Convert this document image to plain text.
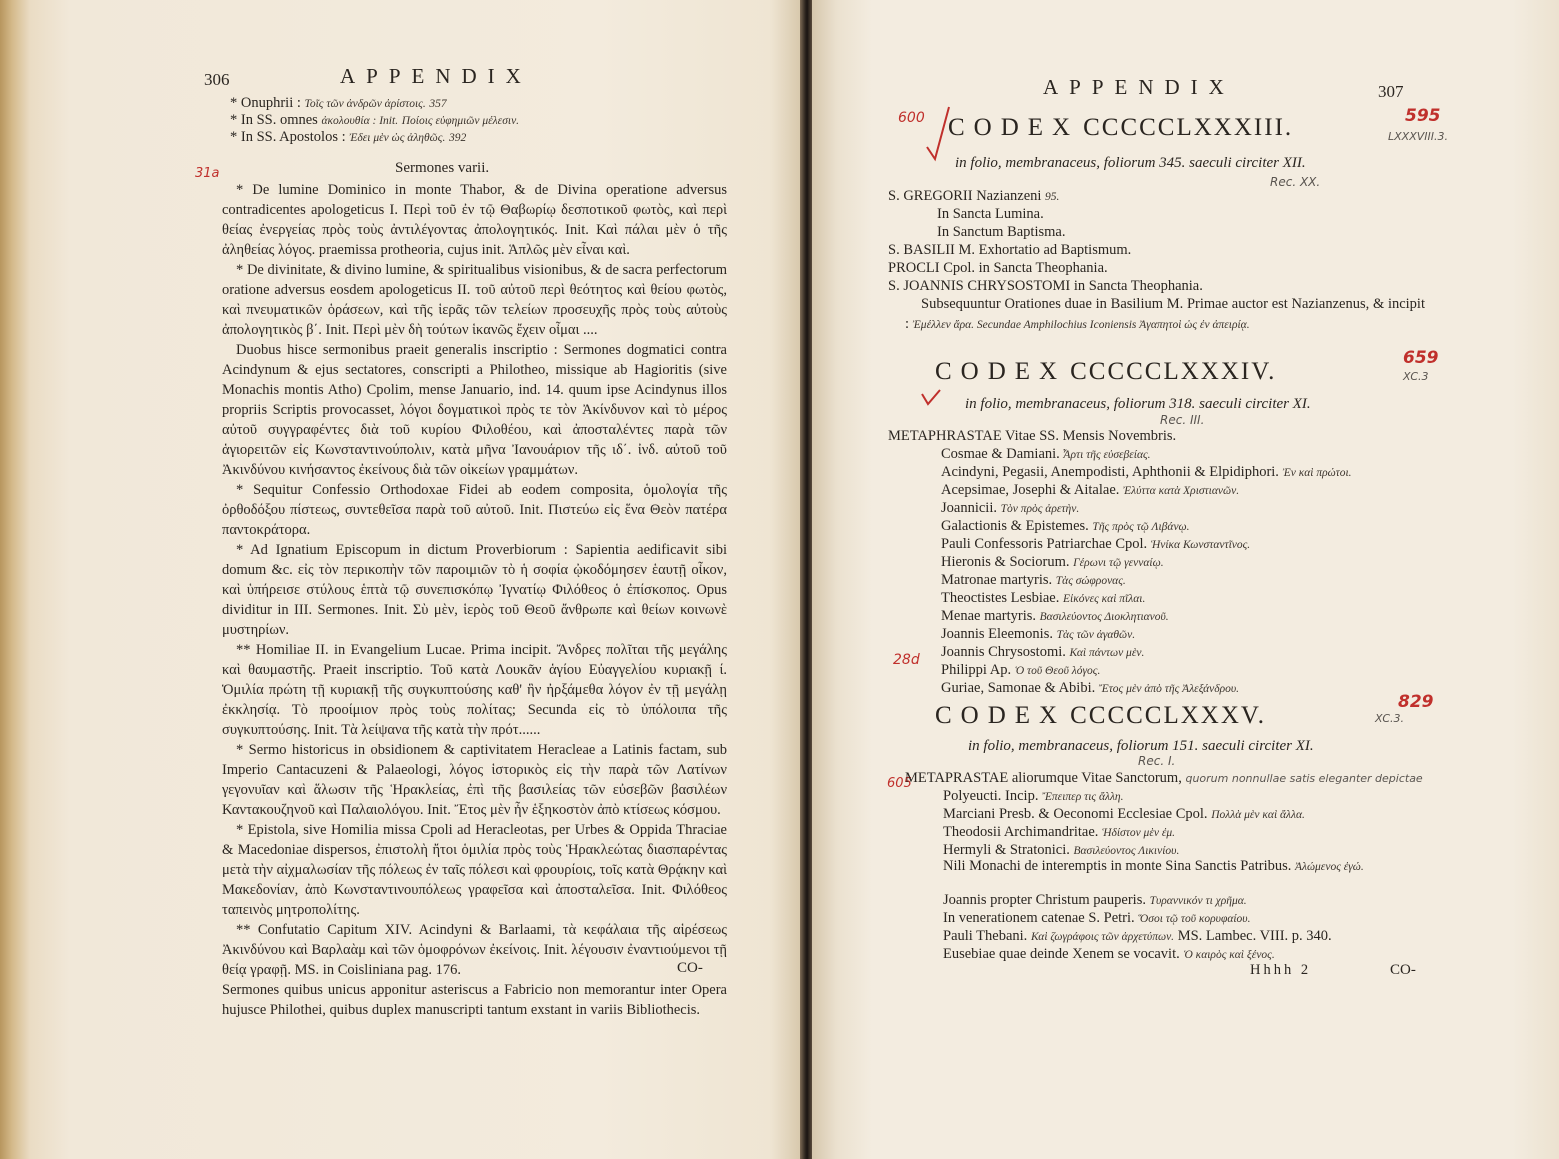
306	APPENDIX
* Onuphrii : Τοῖς τῶν ἀνδρῶν ἀρίστοις. 357
* In SS. omnes ἀκολουθία : Init. Ποίοις εὐφημιῶν μέλεσιν.
* In SS. Apostolos : Ἐδει μὲν ὡς ἀληθῶς. 392
Sermones varii.
31a

* De lumine Dominico in monte Thabor, & de Divina operatione adversus contradicentes apologeticus I. Περὶ τοῦ ἐν τῷ Θαβωρίῳ δεσποτικοῦ φωτὸς, καὶ περὶ θείας ἐνεργείας πρὸς τοὺς ἀντιλέγοντας ἀπολογητικός. Init. Καὶ πάλαι μὲν ὁ τῆς ἀληθείας λόγος. praemissa protheoria, cujus init. Ἁπλῶς μὲν εἶναι καὶ.

* De divinitate, & divino lumine, & spiritualibus visionibus, & de sacra perfectorum oratione adversus eosdem apologeticus II. τοῦ αὐτοῦ περὶ θεότητος καὶ θείου φωτὸς, καὶ πνευματικῶν ὁράσεων, καὶ τῆς ἱερᾶς τῶν τελείων προσευχῆς πρὸς τοὺς αὐτοὺς ἀπολογητικὸς β΄. Init. Περὶ μὲν δὴ τούτων ἱκανῶς ἔχειν οἶμαι ....

Duobus hisce sermonibus praeit generalis inscriptio : Sermones dogmatici contra Acindynum & ejus sectatores, conscripti a Philotheo, missique ab Hagioritis (sive Monachis montis Atho) Cpolim, mense Januario, ind. 14. quum ipse Acindynus illos propriis Scriptis provocasset, λόγοι δογματικοὶ πρὸς τε τὸν Ἀκίνδυνον καὶ τὸ μέρος αὐτοῦ συγγραφέντες διὰ τοῦ κυρίου Φιλοθέου, καὶ ἀποσταλέντες παρὰ τῶν ἁγιορειτῶν εἰς Κωνσταντινούπολιν, κατὰ μῆνα Ἰανουάριον τῆς ιδ΄. ἰνδ. αὐτοῦ τοῦ Ἀκινδύνου κινήσαντος ἐκείνους διὰ τῶν οἰκείων γραμμάτων.

* Sequitur Confessio Orthodoxae Fidei ab eodem composita, ὁμολογία τῆς ὀρθοδόξου πίστεως, συντεθεῖσα παρὰ τοῦ αὐτοῦ. Init. Πιστεύω εἰς ἕνα Θεὸν πατέρα παντοκράτορα.

* Ad Ignatium Episcopum in dictum Proverbiorum : Sapientia aedificavit sibi domum &c. εἰς τὸν περικοπὴν τῶν παροιμιῶν τὸ ἡ σοφία ᾠκοδόμησεν ἑαυτῇ οἶκον, καὶ ὑπήρεισε στύλους ἑπτὰ τῷ συνεπισκόπῳ Ἰγνατίῳ Φιλόθεος ὁ ἐπίσκοπος. Opus dividitur in III. Sermones. Init. Σὺ μὲν, ἱερὸς τοῦ Θεοῦ ἄνθρωπε καὶ θείων κοινωνὲ μυστηρίων.

** Homiliae II. in Evangelium Lucae. Prima incipit. Ἄνδρες πολῖται τῆς μεγάλης καὶ θαυμαστῆς. Praeit inscriptio. Τοῦ κατὰ Λουκᾶν ἁγίου Εὐαγγελίου κυριακῇ ί. Ὁμιλία πρώτη τῇ κυριακῇ τῆς συγκυπτούσης καθ' ἣν ἠρξάμεθα λόγον ἐν τῇ μεγάλῃ ἐκκλησίᾳ. Τὸ προοίμιον πρὸς τοὺς πολίτας; Secunda εἰς τὸ ὑπόλοιπα τῆς συγκυπτούσης. Init. Τὰ λείψανα τῆς κατὰ τὴν πρότ......

* Sermo historicus in obsidionem & captivitatem Heracleae a Latinis factam, sub Imperio Cantacuzeni & Palaeologi, λόγος ἱστορικὸς εἰς τὴν παρὰ τῶν Λατίνων γεγονυῖαν καὶ ἅλωσιν τῆς Ἡρακλείας, ἐπὶ τῆς βασιλείας τῶν εὐσεβῶν βασιλέων Καντακουζηνοῦ καὶ Παλαιολόγου. Init. Ἔτος μὲν ἦν ἑξηκοστὸν ἀπὸ κτίσεως κόσμου.

* Epistola, sive Homilia missa Cpoli ad Heracleotas, per Urbes & Oppida Thraciae & Macedoniae dispersos, ἐπιστολὴ ἤτοι ὁμιλία πρὸς τοὺς Ἡρακλεώτας διασπαρέντας μετὰ τὴν αἰχμαλωσίαν τῆς πόλεως ἐν ταῖς πόλεσι καὶ φρουρίοις, τοῖς κατὰ Θρᾴκην καὶ Μακεδονίαν, ἀπὸ Κωνσταντινουπόλεως γραφεῖσα καὶ ἀποσταλεῖσα. Init. Φιλόθεος ταπεινὸς μητροπολίτης.

** Confutatio Capitum XIV. Acindyni & Barlaami, τὰ κεφάλαια τῆς αἱρέσεως Ἀκινδύνου καὶ Βαρλαὰμ καὶ τῶν ὁμοφρόνων ἐκείνοις. Init. λέγουσιν ἐναντιούμενοι τῇ θείᾳ γραφῇ. MS. in Coisliniana pag. 176.

Sermones quibus unicus apponitur asteriscus a Fabricio non memorantur inter Opera hujusce Philothei, quibus duplex manuscripti tantum exstant in variis Bibliothecis.

CO-
APPENDIX	307
600 CODEX CCCCCLXXXIII.	595
LXXXVIII.3.
in folio, membranaceus, foliorum 345. saeculi circiter XII.
Rec. XX.
S. GREGORII Nazianzeni 95.
In Sancta Lumina.
In Sanctum Baptisma.
S. BASILII M. Exhortatio ad Baptismum.
PROCLI Cpol. in Sancta Theophania.
S. JOANNIS CHRYSOSTOMI in Sancta Theophania.
Subsequuntur Orationes duae in Basilium M. Primae auctor est Nazianzenus, & incipit : Ἐμέλλεν ἄρα. Secundae Amphilochius Iconiensis Ἀγαπητοὶ ὡς ἐν ἀπειρίᾳ.
CODEX CCCCCLXXXIV.	659
XC.3
in folio, membranaceus, foliorum 318. saeculi circiter XI.
Rec. III.
METAPHRASTAE Vitae SS. Mensis Novembris.
Cosmae & Damiani. Ἆρτι τῆς εὐσεβείας.
Acindyni, Pegasii, Anempodisti, Aphthonii & Elpidiphori. Ἐν καὶ πρώτοι.
Acepsimae, Josephi & Aitalae. Ἐλύττα κατὰ Χριστιανῶν.
Joannicii. Τὸν πρὸς ἀρετὴν.
Galactionis & Epistemes. Τῆς πρὸς τῷ Λιβάνῳ.
Pauli Confessoris Patriarchae Cpol. Ἡνίκα Κωνσταντῖνος.
Hieronis & Sociorum. Γέρωνι τῷ γενναίῳ.
Matronae martyris. Τὰς σώφρονας.
Theoctistes Lesbiae. Εἰκόνες καὶ πῖλαι.
Menae martyris. Βασιλεύοντος Διοκλητιανοῦ.
Joannis Eleemonis. Τὰς τῶν ἀγαθῶν.
Joannis Chrysostomi. Καὶ πάντων μὲν.
28d
Philippi Ap. Ὁ τοῦ Θεοῦ λόγος.
Guriae, Samonae & Abibi. Ἔτος μὲν ἀπὸ τῆς Ἀλεξάνδρου.
CODEX CCCCCLXXXV.	829
XC.3.
in folio, membranaceus, foliorum 151. saeculi circiter XI.
Rec. I.
605
METAPRASTAE aliorumque Vitae Sanctorum, quorum nonnullae satis eleganter depictae
Polyeucti. Incip. Ἔπειπερ τις ἄλλη.
Marciani Presb. & Oeconomi Ecclesiae Cpol. Πολλὰ μὲν καὶ ἄλλα.
Theodosii Archimandritae. Ἡδίστον μὲν ἐμ.
Hermyli & Stratonici. Βασιλεύοντος Λικινίου.
Nili Monachi de interemptis in monte Sina Sanctis Patribus. Ἀλώμενος ἐγώ.
Joannis propter Christum pauperis. Τυραννικόν τι χρῆμα.
In venerationem catenae S. Petri. Ὅσοι τῷ τοῦ κορυφαίου.
Pauli Thebani. Καὶ ζωγράφοις τῶν ἀρχετύπων. MS. Lambec. VIII. p. 340.
Eusebiae quae deinde Xenem se vocavit. Ὁ καιρὸς καὶ ξένος.
Hhhh 2	CO-
